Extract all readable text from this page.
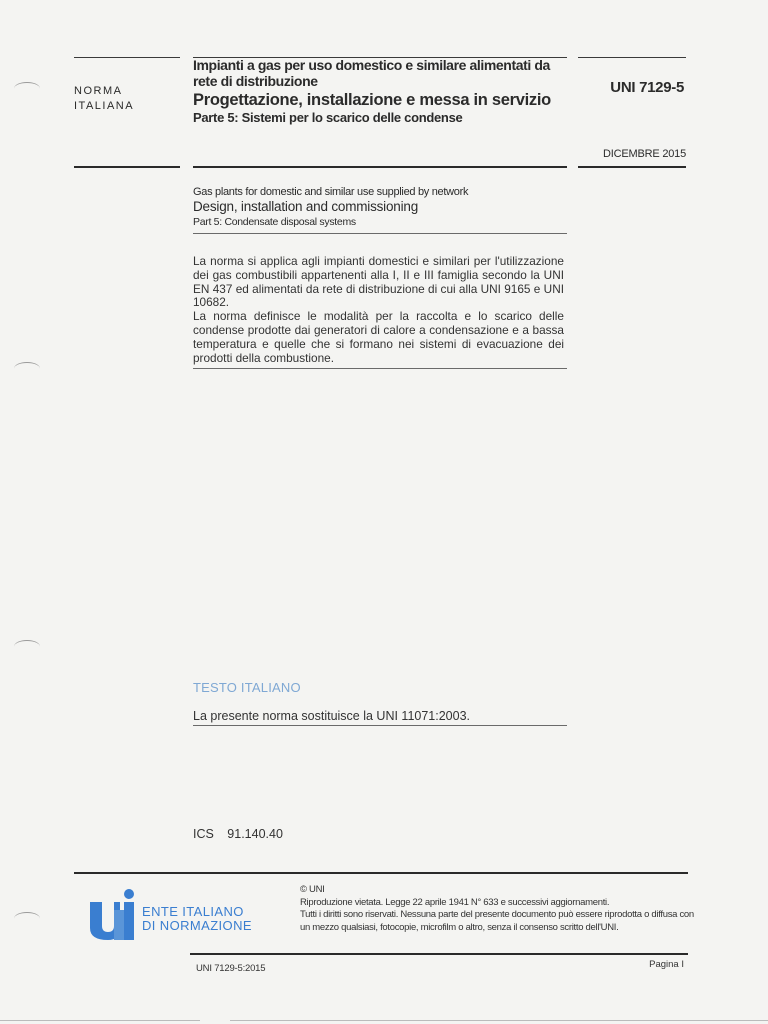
NORMA
ITALIANA
Impianti a gas per uso domestico e similare alimentati da rete di distribuzione
Progettazione, installazione e messa in servizio
Parte 5: Sistemi per lo scarico delle condense
UNI 7129-5
DICEMBRE 2015
Gas plants for domestic and similar use supplied by network
Design, installation and commissioning
Part 5: Condensate disposal systems

La norma si applica agli impianti domestici e similari per l'utilizzazione dei gas combustibili appartenenti alla I, II e III famiglia secondo la UNI EN 437 ed alimentati da rete di distribuzione di cui alla UNI 9165 e UNI 10682.

La norma definisce le modalità per la raccolta e lo scarico delle condense prodotte dai generatori di calore a condensazione e a bassa temperatura e quelle che si formano nei sistemi di evacuazione dei prodotti della combustione.

TESTO ITALIANO
La presente norma sostituisce la UNI 11071:2003.
ICS 91.140.40
ENTE ITALIANO
DI NORMAZIONE
© UNI
Riproduzione vietata. Legge 22 aprile 1941 N° 633 e successivi aggiornamenti.
Tutti i diritti sono riservati. Nessuna parte del presente documento può essere riprodotta o diffusa con un mezzo qualsiasi, fotocopie, microfilm o altro, senza il consenso scritto dell'UNI.
UNI 7129-5:2015	Pagina I
